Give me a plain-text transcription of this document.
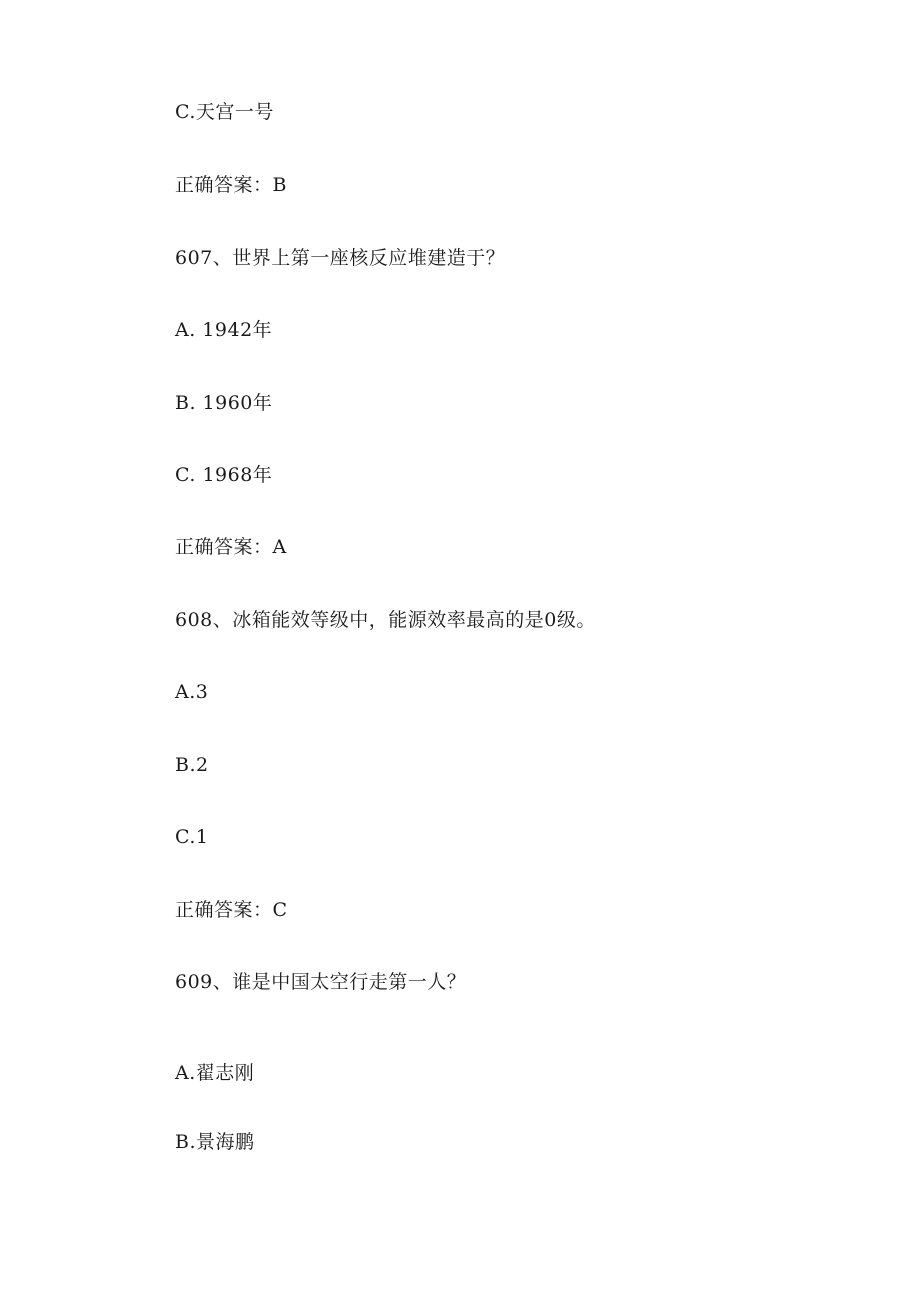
C.天宫一号
正确答案：B
607、世界上第一座核反应堆建造于？
A. 1942年
B. 1960年
C. 1968年
正确答案：A
608、冰箱能效等级中，能源效率最高的是0级。
A.3
B.2
C.1
正确答案：C
609、谁是中国太空行走第一人？
A.翟志刚
B.景海鹏
